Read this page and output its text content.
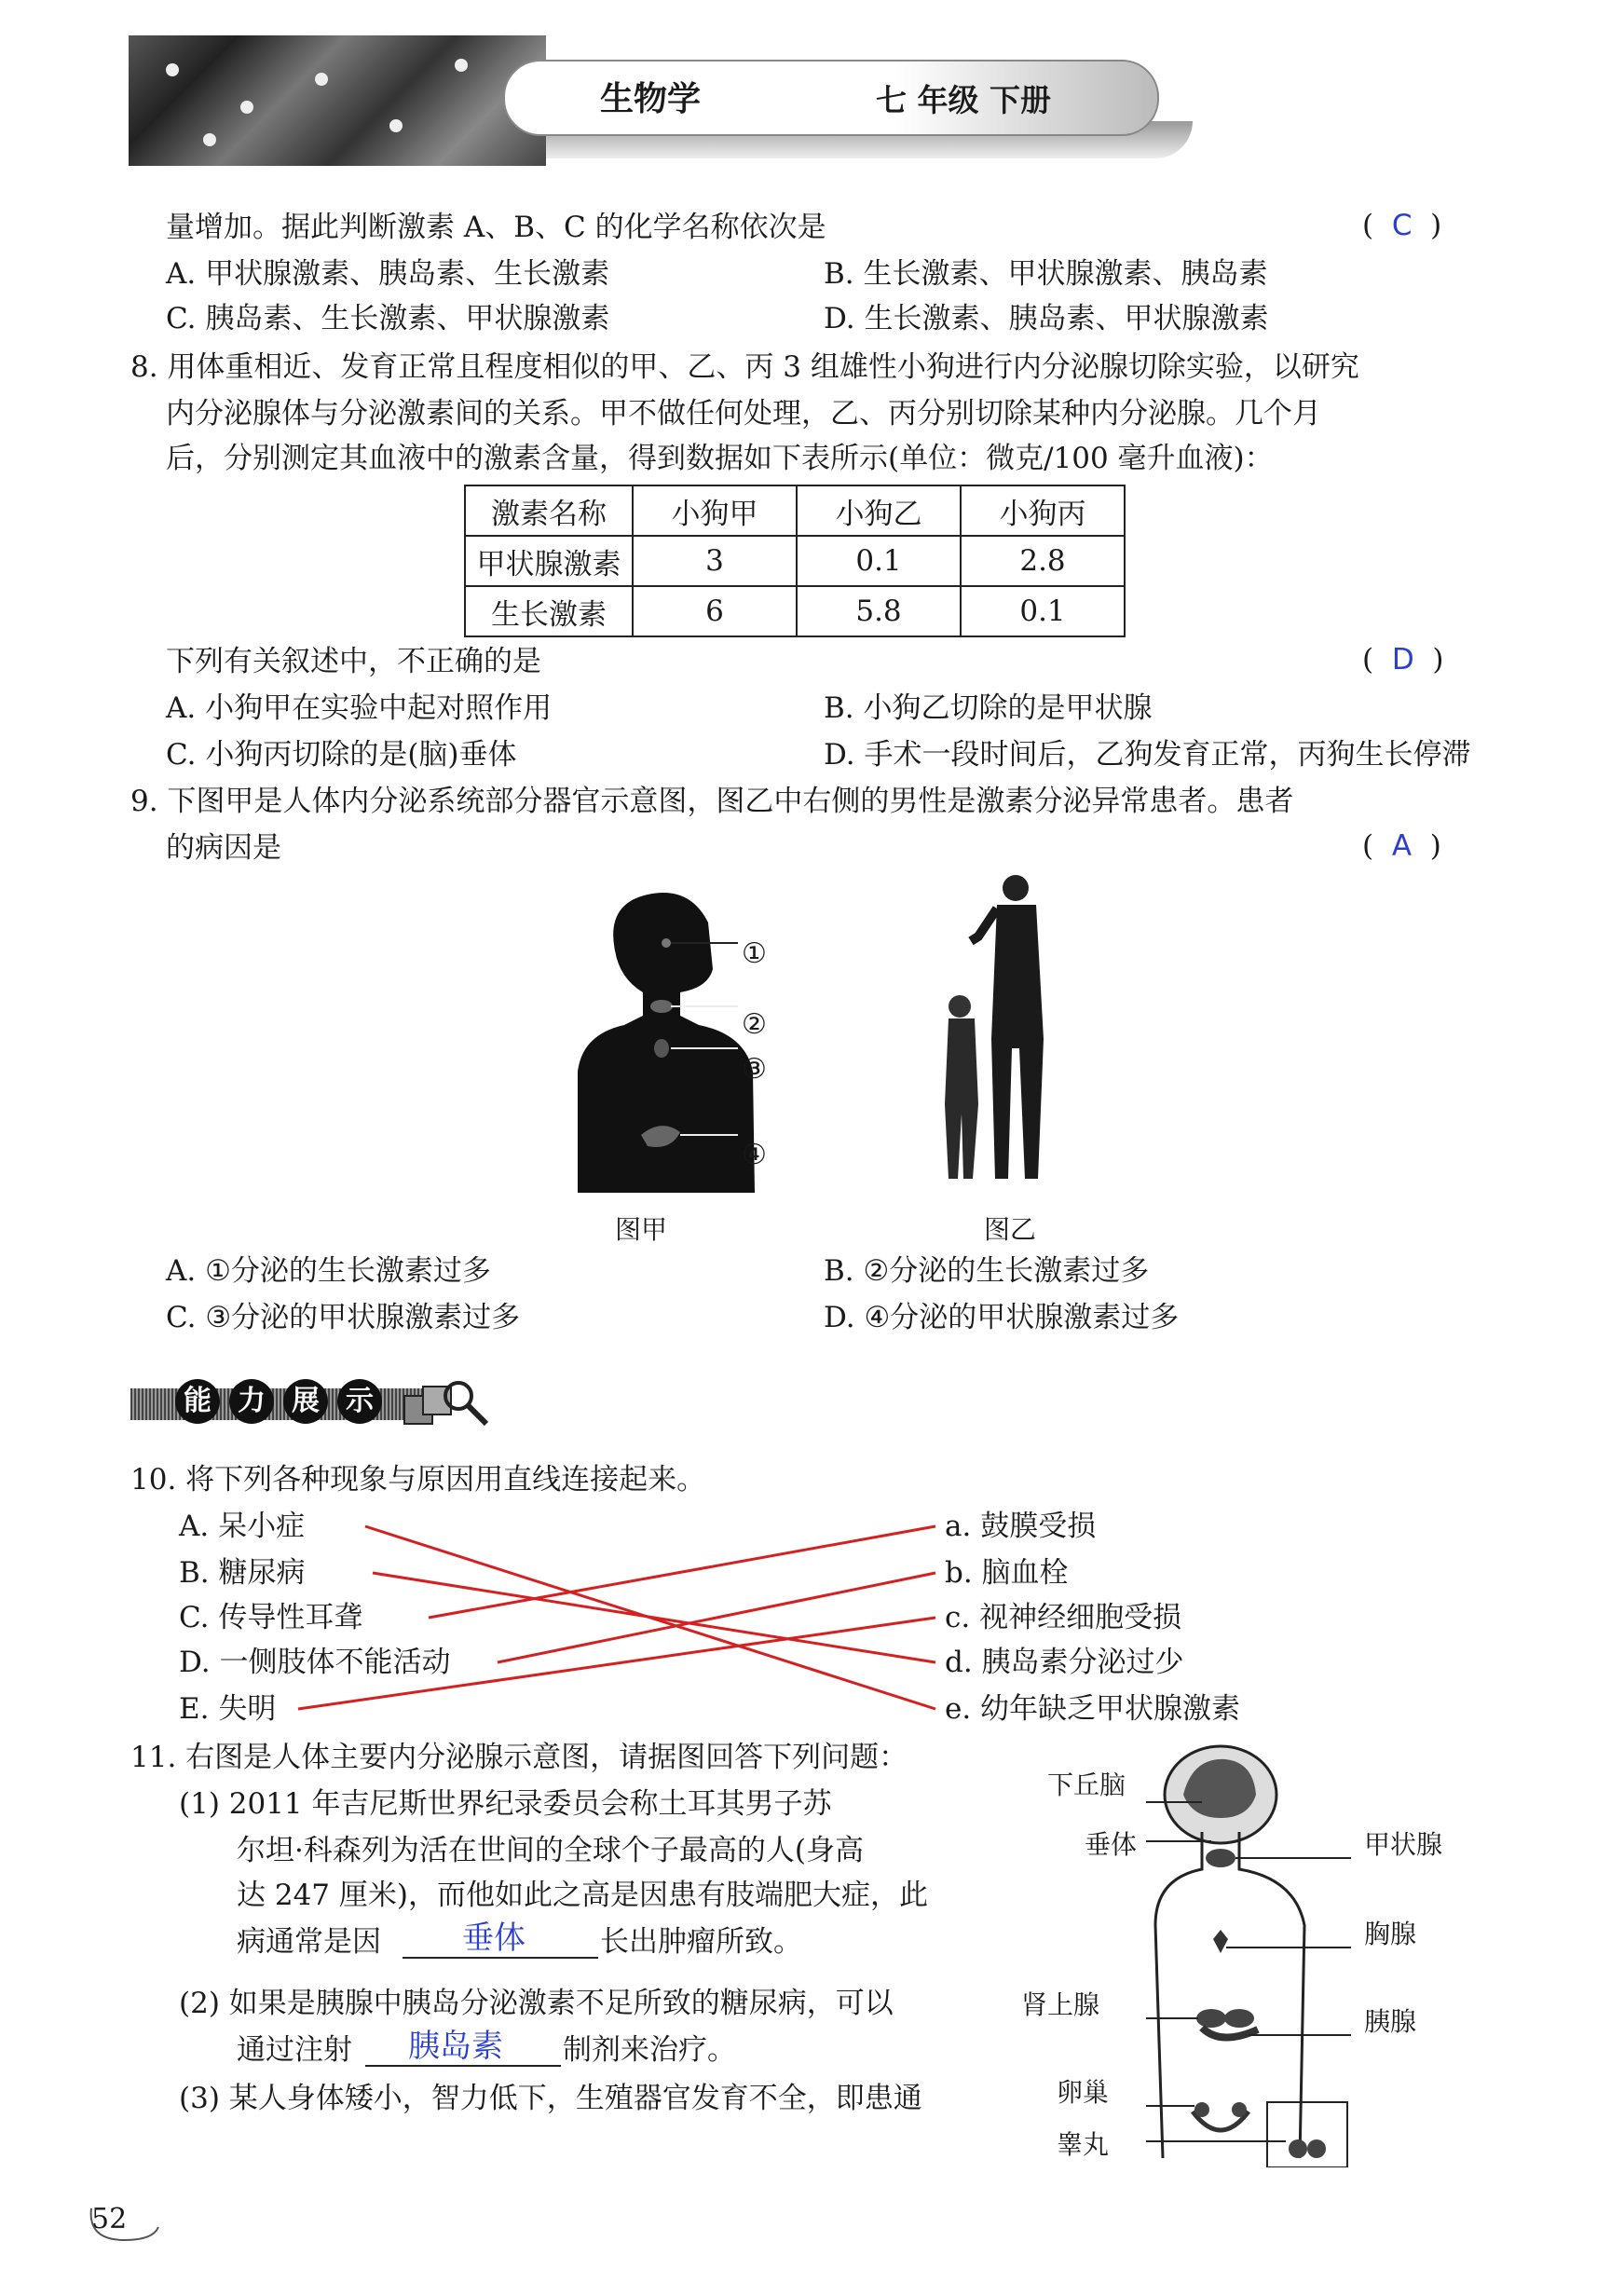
生物学	七 年级 下册
量增加。据此判断激素 A、B、C 的化学名称依次是	(  C  )
A. 甲状腺激素、胰岛素、生长激素	B. 生长激素、甲状腺激素、胰岛素
C. 胰岛素、生长激素、甲状腺激素	D. 生长激素、胰岛素、甲状腺激素
8. 用体重相近、发育正常且程度相似的甲、乙、丙 3 组雄性小狗进行内分泌腺切除实验，以研究
内分泌腺体与分泌激素间的关系。甲不做任何处理，乙、丙分别切除某种内分泌腺。几个月
后，分别测定其血液中的激素含量，得到数据如下表所示(单位：微克/100 毫升血液)：
激素名称	小狗甲	小狗乙	小狗丙
甲状腺激素	3	0.1	2.8
生长激素	6	5.8	0.1
下列有关叙述中，不正确的是	(  D  )
A. 小狗甲在实验中起对照作用	B. 小狗乙切除的是甲状腺
C. 小狗丙切除的是(脑)垂体	D. 手术一段时间后，乙狗发育正常，丙狗生长停滞
9. 下图甲是人体内分泌系统部分器官示意图，图乙中右侧的男性是激素分泌异常患者。患者
的病因是	(  A  )
①
②
③
④
图甲	图乙
A. ①分泌的生长激素过多	B. ②分泌的生长激素过多
C. ③分泌的甲状腺激素过多	D. ④分泌的甲状腺激素过多
能 力 展 示
10. 将下列各种现象与原因用直线连接起来。
A. 呆小症
B. 糖尿病
C. 传导性耳聋
D. 一侧肢体不能活动
E. 失明
a. 鼓膜受损
b. 脑血栓
c. 视神经细胞受损
d. 胰岛素分泌过少
e. 幼年缺乏甲状腺激素
11. 右图是人体主要内分泌腺示意图，请据图回答下列问题：
(1) 2011 年吉尼斯世界纪录委员会称土耳其男子苏
尔坦·科森列为活在世间的全球个子最高的人(身高
达 247 厘米)，而他如此之高是因患有肢端肥大症，此
病通常是因	垂体	长出肿瘤所致。
(2) 如果是胰腺中胰岛分泌激素不足所致的糖尿病，可以
通过注射 胰岛素 制剂来治疗。
(3) 某人身体矮小，智力低下，生殖器官发育不全，即患通
下丘脑
垂体	甲状腺
胸腺
肾上腺
胰腺
卵巢
睾丸
52
